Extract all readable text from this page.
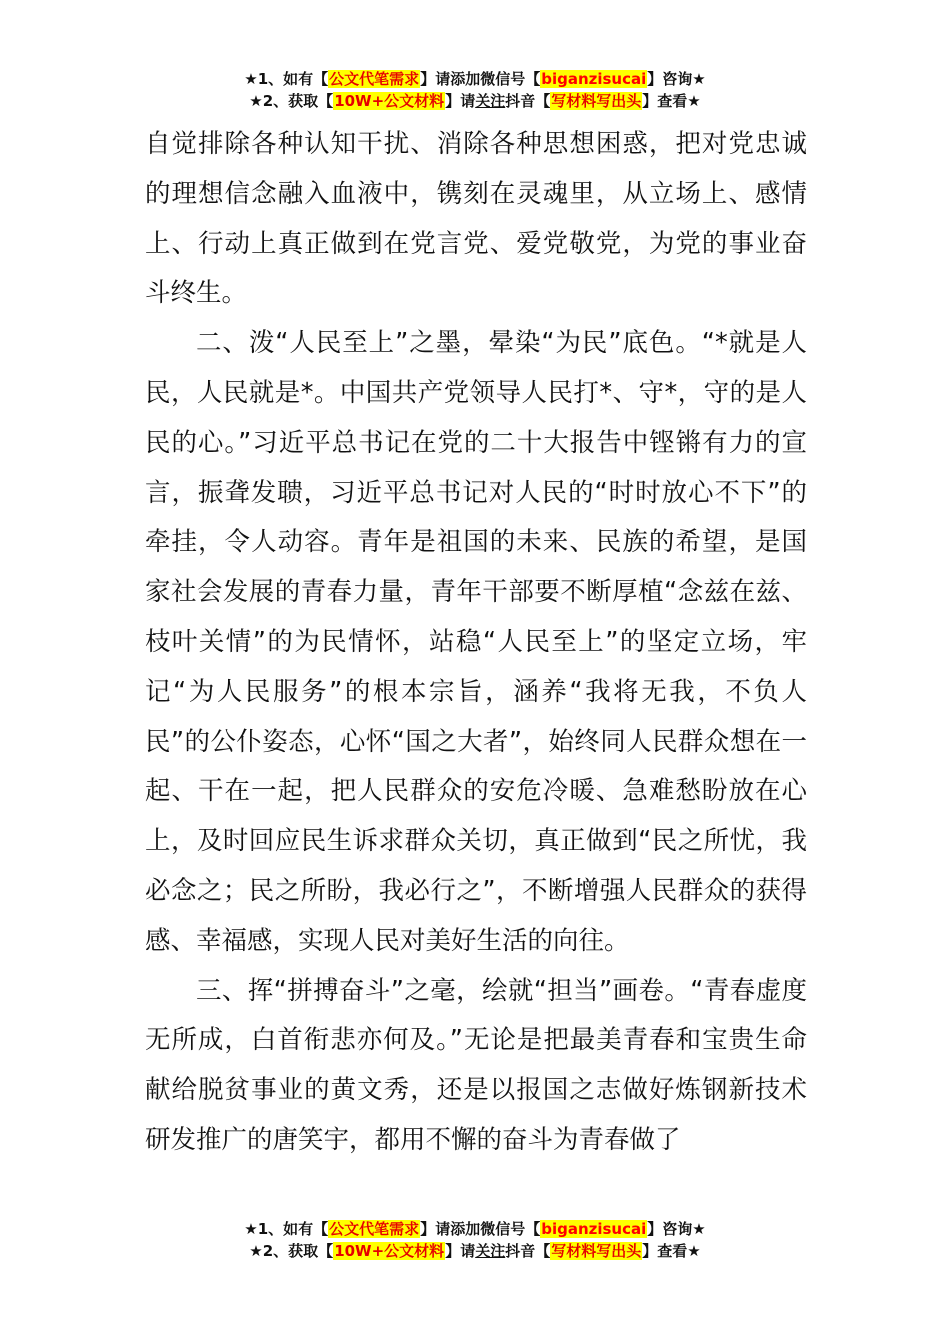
★1、如有【公文代笔需求】请添加微信号【biganzisucai】咨询★
★2、获取【10W+公文材料】请关注抖音【写材料写出头】查看★

自觉排除各种认知干扰、消除各种思想困惑，把对党忠诚的理想信念融入血液中，镌刻在灵魂里，从立场上、感情上、行动上真正做到在党言党、爱党敬党，为党的事业奋斗终生。

二、泼“人民至上”之墨，晕染“为民”底色。“*就是人民，人民就是*。中国共产党领导人民打*、守*，守的是人民的心。”习近平总书记在党的二十大报告中铿锵有力的宣言，振聋发聩，习近平总书记对人民的“时时放心不下”的牵挂，令人动容。青年是祖国的未来、民族的希望，是国家社会发展的青春力量，青年干部要不断厚植“念兹在兹、枝叶关情”的为民情怀，站稳“人民至上”的坚定立场，牢记“为人民服务”的根本宗旨，涵养“我将无我，不负人民”的公仆姿态，心怀“国之大者”，始终同人民群众想在一起、干在一起，把人民群众的安危冷暖、急难愁盼放在心上，及时回应民生诉求群众关切，真正做到“民之所忧，我必念之；民之所盼，我必行之”，不断增强人民群众的获得感、幸福感，实现人民对美好生活的向往。

三、挥“拼搏奋斗”之毫，绘就“担当”画卷。“青春虚度无所成，白首衔悲亦何及。”无论是把最美青春和宝贵生命献给脱贫事业的黄文秀，还是以报国之志做好炼钢新技术研发推广的唐笑宇，都用不懈的奋斗为青春做了

★1、如有【公文代笔需求】请添加微信号【biganzisucai】咨询★
★2、获取【10W+公文材料】请关注抖音【写材料写出头】查看★
